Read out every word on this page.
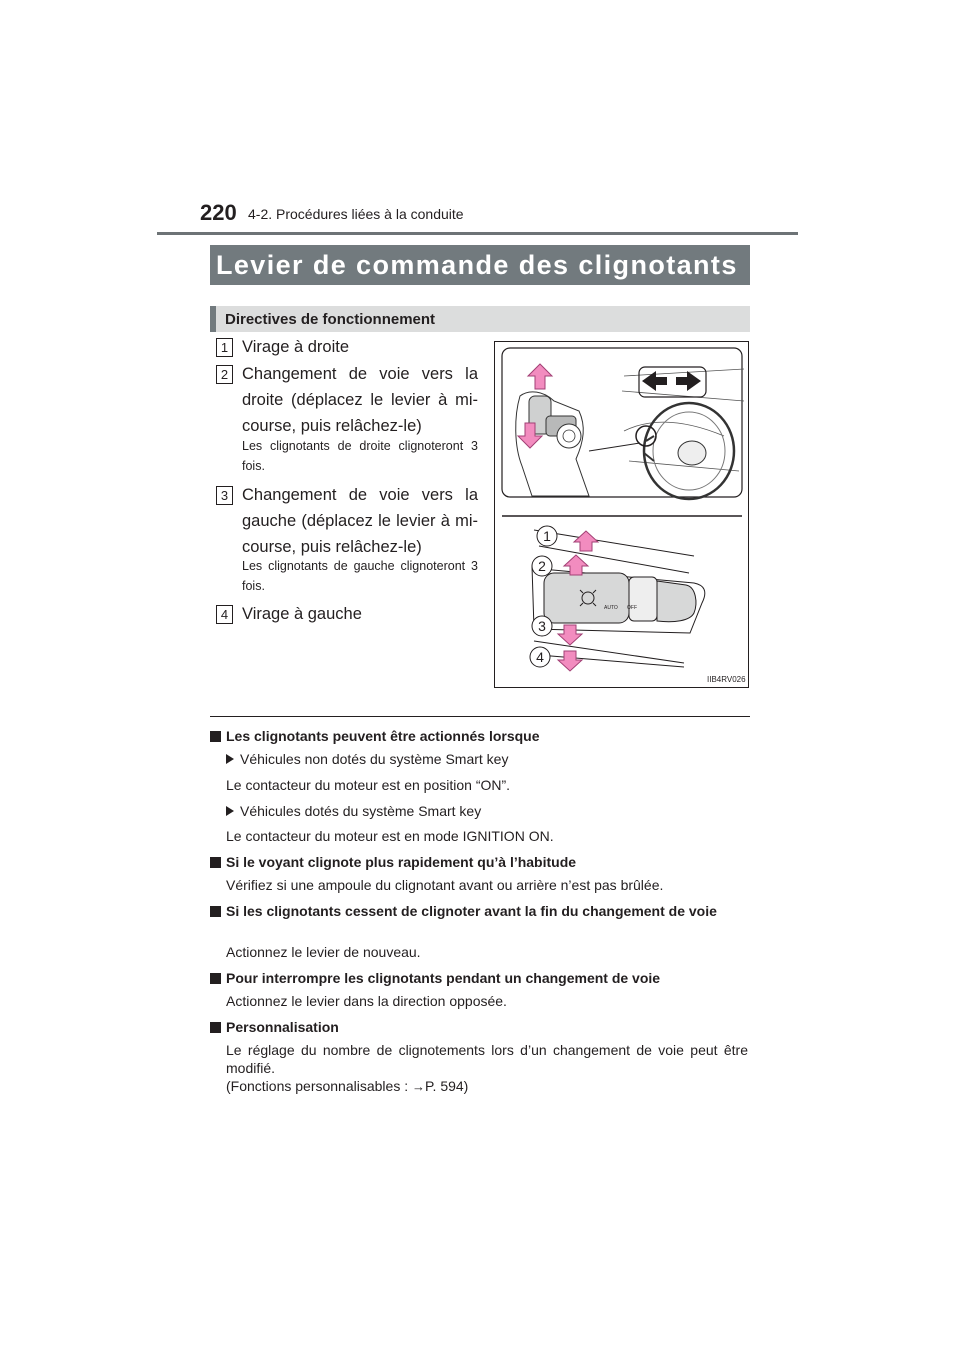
220 4-2. Procédures liées à la conduite
Levier de commande des clignotants
Directives de fonctionnement
1 Virage à droite
2 Changement de voie vers la droite (déplacez le levier à mi-course, puis relâchez-le)
Les clignotants de droite clignoteront 3 fois.
3 Changement de voie vers la gauche (déplacez le levier à mi-course, puis relâchez-le)
Les clignotants de gauche clignoteront 3 fois.
4 Virage à gauche	AUTO OFF
1
2
3
4
IIB4RV026
Les clignotants peuvent être actionnés lorsque
Véhicules non dotés du système Smart key
Le contacteur du moteur est en position “ON”.
Véhicules dotés du système Smart key
Le contacteur du moteur est en mode IGNITION ON.
Si le voyant clignote plus rapidement qu’à l’habitude
Vérifiez si une ampoule du clignotant avant ou arrière n’est pas brûlée.
Si les clignotants cessent de clignoter avant la fin du changement de voie
Actionnez le levier de nouveau.
Pour interrompre les clignotants pendant un changement de voie
Actionnez le levier dans la direction opposée.
Personnalisation
Le réglage du nombre de clignotements lors d’un changement de voie peut être modifié.
(Fonctions personnalisables : →P. 594)
